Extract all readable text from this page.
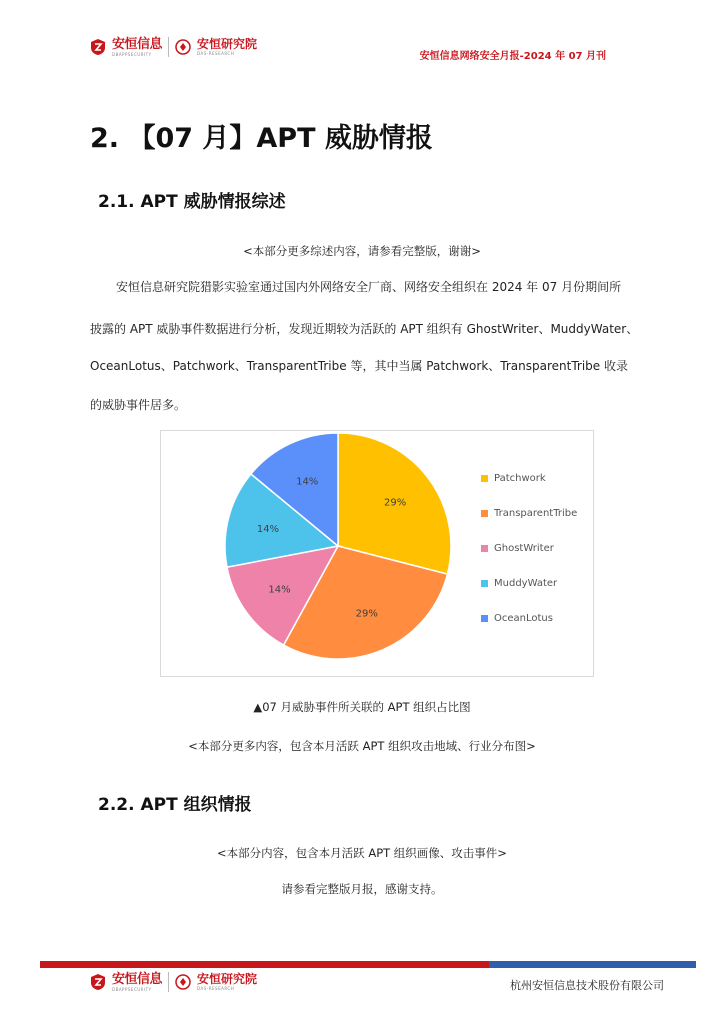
安恒信息
DBAPPSECURITY
安恒研究院
DAS-RESEARCH	安恒信息网络安全月报-2024 年 07 月刊
2. 【07 月】APT 威胁情报
2.1. APT 威胁情报综述
<本部分更多综述内容，请参看完整版，谢谢>
安恒信息研究院猎影实验室通过国内外网络安全厂商、网络安全组织在 2024 年 07 月份期间所
披露的 APT 威胁事件数据进行分析，发现近期较为活跃的 APT 组织有 GhostWriter、MuddyWater、
OceanLotus、Patchwork、TransparentTribe 等，其中当属 Patchwork、TransparentTribe 收录
的威胁事件居多。
29%
29%
14%
14%
14%	Patchwork
TransparentTribe
GhostWriter
MuddyWater
OceanLotus
▲07 月威胁事件所关联的 APT 组织占比图
<本部分更多内容，包含本月活跃 APT 组织攻击地域、行业分布图>
2.2. APT 组织情报
<本部分内容，包含本月活跃 APT 组织画像、攻击事件>
请参看完整版月报，感谢支持。
安恒信息
DBAPPSECURITY
安恒研究院
DAS-RESEARCH	杭州安恒信息技术股份有限公司
